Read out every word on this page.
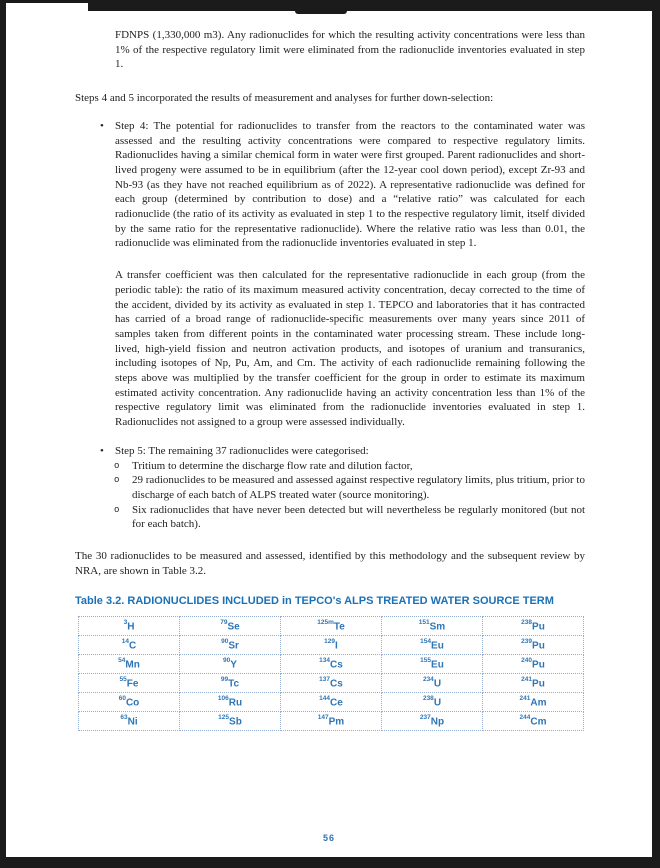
FDNPS (1,330,000 m3). Any radionuclides for which the resulting activity concentrations were less than 1% of the respective regulatory limit were eliminated from the radionuclide inventories evaluated in step 1.

Steps 4 and 5 incorporated the results of measurement and analyses for further down-selection:

•	Step 4: The potential for radionuclides to transfer from the reactors to the contaminated water was assessed and the resulting activity concentrations were compared to respective regulatory limits. Radionuclides having a similar chemical form in water were first grouped. Parent radionuclides and short-lived progeny were assumed to be in equilibrium (after the 12-year cool down period), except Zr-93 and Nb-93 (as they have not reached equilibrium as of 2022). A representative radionuclide was defined for each group (determined by contribution to dose) and a “relative ratio” was calculated for each radionuclide (the ratio of its activity as evaluated in step 1 to the respective regulatory limit, itself divided by the same ratio for the representative radionuclide). Where the relative ratio was less than 0.01, the radionuclide was eliminated from the radionuclide inventories evaluated in step 1.

A transfer coefficient was then calculated for the representative radionuclide in each group (from the periodic table): the ratio of its maximum measured activity concentration, decay corrected to the time of the accident, divided by its activity as evaluated in step 1. TEPCO and laboratories that it has contracted has carried of a broad range of radionuclide-specific measurements over many years since 2011 of samples taken from different points in the contaminated water processing stream. These include long-lived, high-yield fission and neutron activation products, and isotopes of uranium and transuranics, including isotopes of Np, Pu, Am, and Cm. The activity of each radionuclide remaining following the steps above was multiplied by the transfer coefficient for the group in order to estimate its maximum estimated activity concentration. Any radionuclide having an activity concentration less than 1% of the respective regulatory limit was eliminated from the radionuclide inventories evaluated in step 1. Radionuclides not assigned to a group were assessed individually.

•	Step 5: The remaining 37 radionuclides were categorised:

o	Tritium to determine the discharge flow rate and dilution factor,

o	29 radionuclides to be measured and assessed against respective regulatory limits, plus tritium, prior to discharge of each batch of ALPS treated water (source monitoring).

o	Six radionuclides that have never been detected but will nevertheless be regularly monitored (but not for each batch).

The 30 radionuclides to be measured and assessed, identified by this methodology and the subsequent review by NRA, are shown in Table 3.2.

Table 3.2. RADIONUCLIDES INCLUDED in TEPCO's ALPS TREATED WATER SOURCE TERM

$^3$H	$^{79}$Se	$^{125m}$Te	$^{151}$Sm	$^{238}$Pu
$^{14}$C	$^{90}$Sr	$^{129}$I	$^{154}$Eu	$^{239}$Pu
$^{54}$Mn	$^{90}$Y	$^{134}$Cs	$^{155}$Eu	$^{240}$Pu
$^{55}$Fe	$^{99}$Tc	$^{137}$Cs	$^{234}$U	$^{241}$Pu
$^{60}$Co	$^{106}$Ru	$^{144}$Ce	$^{238}$U	$^{241}$Am
$^{63}$Ni	$^{125}$Sb	$^{147}$Pm	$^{237}$Np	$^{244}$Cm
56
